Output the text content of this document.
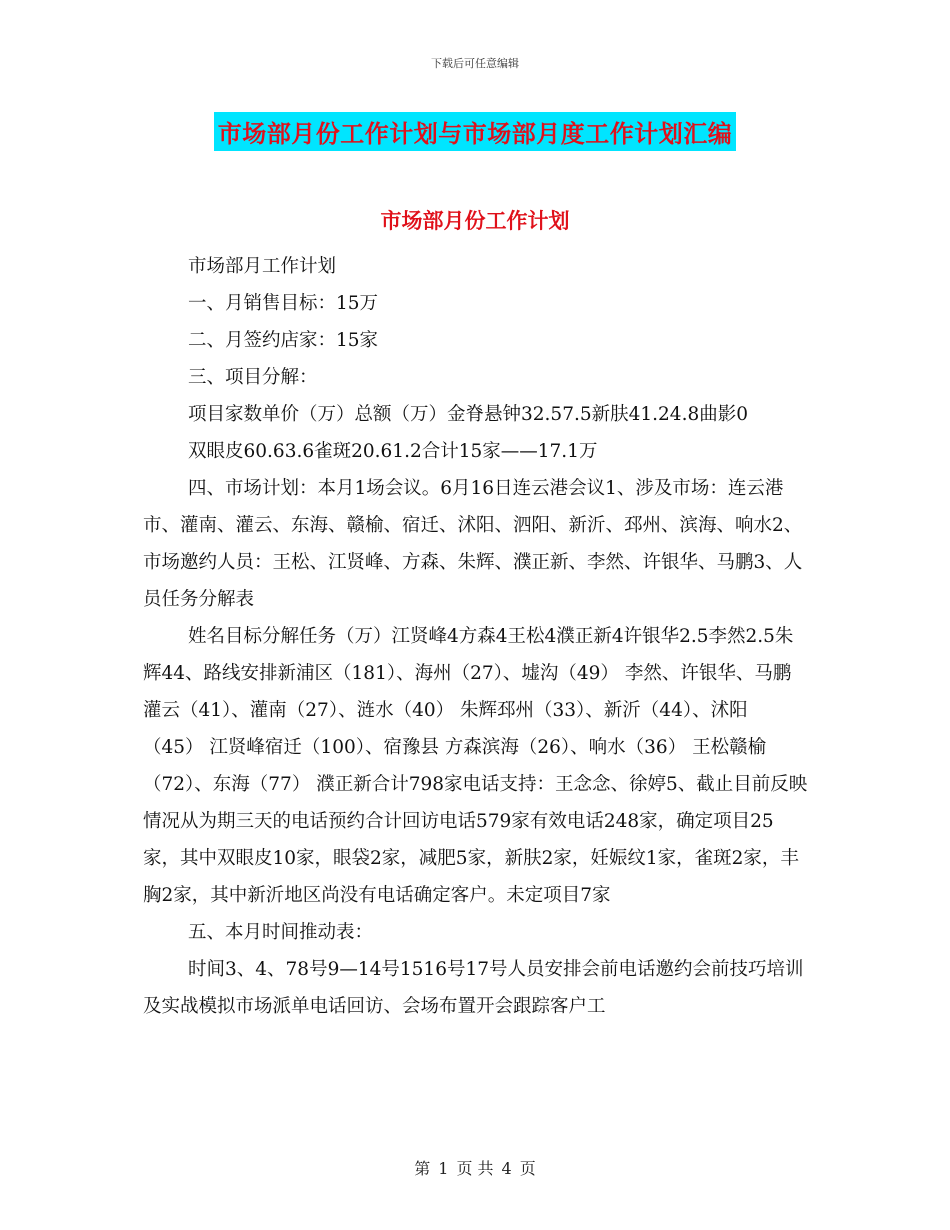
下载后可任意编辑
市场部月份工作计划与市场部月度工作计划汇编
市场部月份工作计划

市场部月工作计划

一、月销售目标：15万

二、月签约店家：15家

三、项目分解：

项目家数单价（万）总额（万）金脊悬钟32.57.5新肤41.24.8曲影0

双眼皮60.63.6雀斑20.61.2合计15家——17.1万

四、市场计划：本月1场会议。6月16日连云港会议1、涉及市场：连云港市、灌南、灌云、东海、赣榆、宿迁、沭阳、泗阳、新沂、邳州、滨海、响水2、市场邀约人员：王松、江贤峰、方森、朱辉、濮正新、李然、许银华、马鹏3、人员任务分解表

姓名目标分解任务（万）江贤峰4方森4王松4濮正新4许银华2.5李然2.5朱辉44、路线安排新浦区（181）、海州（27）、墟沟（49） 李然、许银华、马鹏灌云（41）、灌南（27）、涟水（40） 朱辉邳州（33）、新沂（44）、沭阳（45） 江贤峰宿迁（100）、宿豫县 方森滨海（26）、响水（36） 王松赣榆（72）、东海（77） 濮正新合计798家电话支持：王念念、徐婷5、截止目前反映情况从为期三天的电话预约合计回访电话579家有效电话248家，确定项目25家，其中双眼皮10家，眼袋2家，减肥5家，新肤2家，妊娠纹1家，雀斑2家，丰胸2家，其中新沂地区尚没有电话确定客户。未定项目7家

五、本月时间推动表：

时间3、4、78号9—14号1516号17号人员安排会前电话邀约会前技巧培训及实战模拟市场派单电话回访、会场布置开会跟踪客户工

第 1 页 共 4 页
